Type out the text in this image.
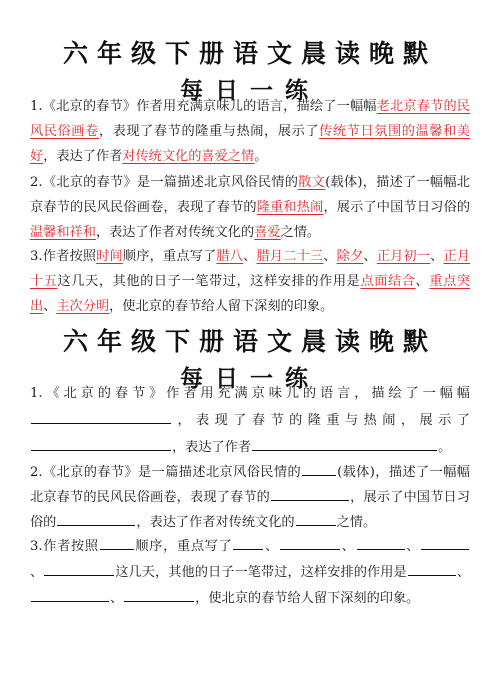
六年级下册语文晨读晚默
每日一练
1.《北京的春节》作者用充满京味儿的语言，描绘了一幅幅老北京春节的民风民俗画卷，表现了春节的隆重与热闹，展示了传统节日氛围的温馨和美好，表达了作者对传统文化的喜爱之情。
2.《北京的春节》是一篇描述北京风俗民情的散文(载体)，描述了一幅幅北京春节的民风民俗画卷，表现了春节的隆重和热闹，展示了中国节日习俗的温馨和祥和，表达了作者对传统文化的喜爱之情。
3.作者按照时间顺序，重点写了腊八、腊月二十三、除夕、正月初一、正月十五这几天，其他的日子一笔带过，这样安排的作用是点面结合、重点突出、主次分明，使北京的春节给人留下深刻的印象。
六年级下册语文晨读晚默
每日一练
1.《北京的春节》作者用充满京味儿的语言，描绘了一幅幅，表现了春节的隆重与热闹，展示了，表达了作者	。
2.《北京的春节》是一篇描述北京风俗民情的	(载体)，描述了一幅幅北京春节的民风民俗画卷，表现了春节的	，展示了中国节日习俗的	，表达了作者对传统文化的	之情。
3.作者按照	顺序，重点写了 、	、	、、	这几天，其他的日子一笔带过，这样安排的作用是	、、	，使北京的春节给人留下深刻的印象。
